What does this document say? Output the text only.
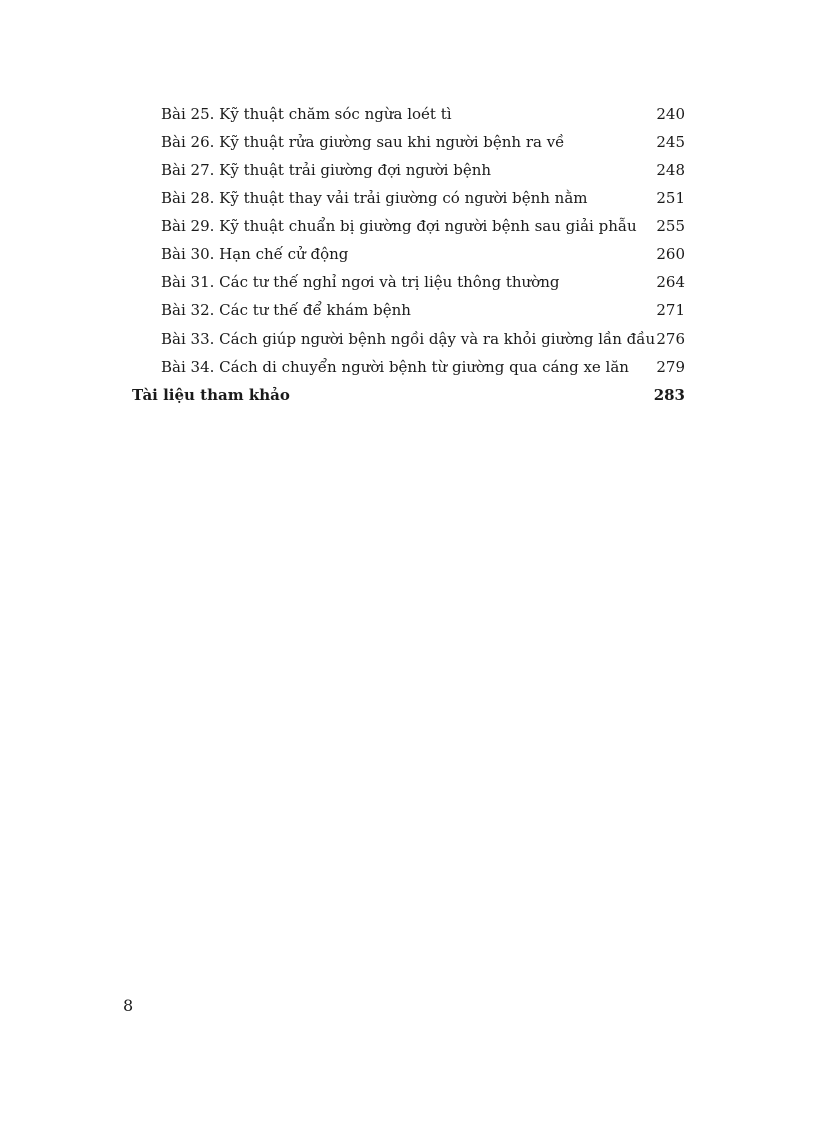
Bài 25. Kỹ thuật chăm sóc ngừa loét tì	240
Bài 26. Kỹ thuật rửa giường sau khi người bệnh ra về	245
Bài 27. Kỹ thuật trải giường đợi người bệnh	248
Bài 28. Kỹ thuật thay vải trải giường có người bệnh nằm	251
Bài 29. Kỹ thuật chuẩn bị giường đợi người bệnh sau giải phẫu 255
Bài 30. Hạn chế cử động	260
Bài 31. Các tư thế nghỉ ngơi và trị liệu thông thường	264
Bài 32. Các tư thế để khám bệnh	271
Bài 33. Cách giúp người bệnh ngồi dậy và ra khỏi giường lần đầu 276
Bài 34. Cách di chuyển người bệnh từ giường qua cáng xe lăn 279
Tài liệu tham khảo	283
8
